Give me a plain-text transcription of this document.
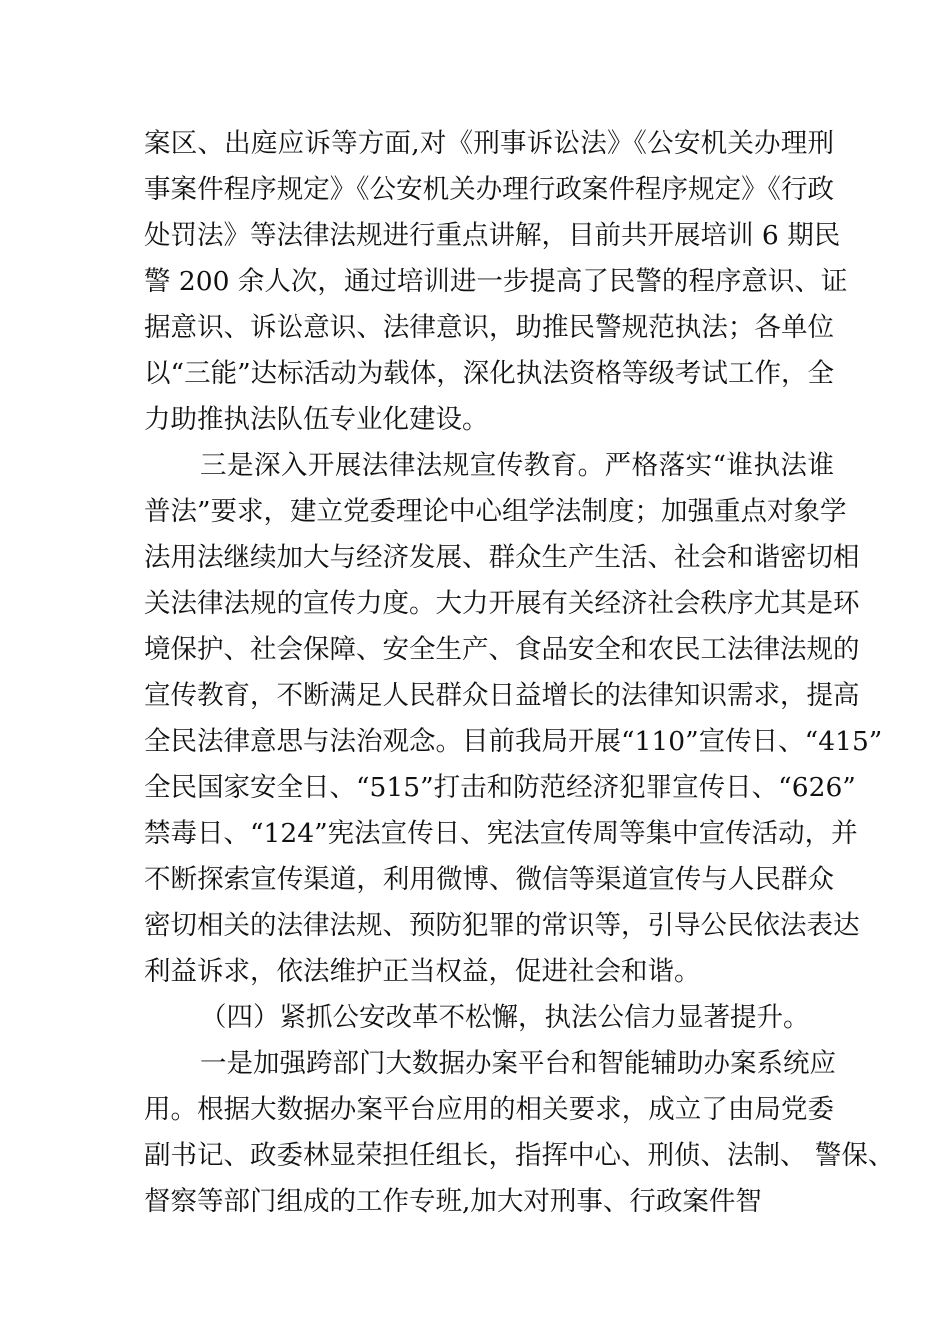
案区、出庭应诉等方面,对《刑事诉讼法》《公安机关办理刑
事案件程序规定》《公安机关办理行政案件程序规定》《行政
处罚法》等法律法规进行重点讲解，目前共开展培训 6 期民
警 200 余人次，通过培训进一步提高了民警的程序意识、证
据意识、诉讼意识、法律意识，助推民警规范执法；各单位
以“三能”达标活动为载体，深化执法资格等级考试工作，全
力助推执法队伍专业化建设。
三是深入开展法律法规宣传教育。严格落实“谁执法谁
普法”要求，建立党委理论中心组学法制度；加强重点对象学
法用法继续加大与经济发展、群众生产生活、社会和谐密切相
关法律法规的宣传力度。大力开展有关经济社会秩序尤其是环
境保护、社会保障、安全生产、食品安全和农民工法律法规的
宣传教育，不断满足人民群众日益增长的法律知识需求，提高
全民法律意思与法治观念。目前我局开展“110”宣传日、“415”
全民国家安全日、“515”打击和防范经济犯罪宣传日、“626”
禁毒日、“124”宪法宣传日、宪法宣传周等集中宣传活动，并
不断探索宣传渠道，利用微博、微信等渠道宣传与人民群众
密切相关的法律法规、预防犯罪的常识等，引导公民依法表达
利益诉求，依法维护正当权益，促进社会和谐。
（四）紧抓公安改革不松懈，执法公信力显著提升。
一是加强跨部门大数据办案平台和智能辅助办案系统应
用。根据大数据办案平台应用的相关要求，成立了由局党委
副书记、政委林显荣担任组长，指挥中心、刑侦、法制、 警保、
督察等部门组成的工作专班,加大对刑事、行政案件智
